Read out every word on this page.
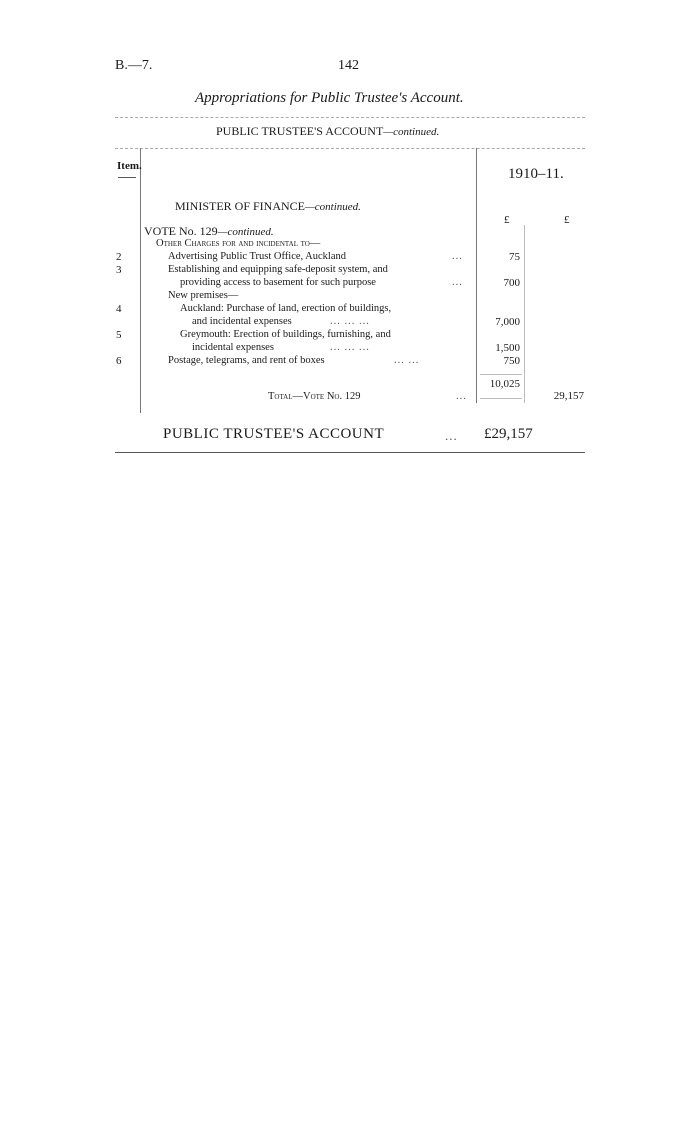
B.—7.	142
Appropriations for Public Trustee's Account.
PUBLIC TRUSTEE'S ACCOUNT—continued.
Item.	1910–11.
MINISTER OF FINANCE—continued.
£	£
VOTE No. 129—continued.
Other Charges for and incidental to—
2	Advertising Public Trust Office, Auckland	...	75
3	Establishing and equipping safe-deposit system, and
providing access to basement for such purpose	...	700
New premises—
4	Auckland: Purchase of land, erection of buildings,
and incidental expenses	... ... ...	7,000
5	Greymouth: Erection of buildings, furnishing, and
incidental expenses	... ... ...	1,500
6	Postage, telegrams, and rent of boxes	... ...	750
10,025
Total—Vote No. 129	...	29,157
PUBLIC TRUSTEE'S ACCOUNT	... £29,157
